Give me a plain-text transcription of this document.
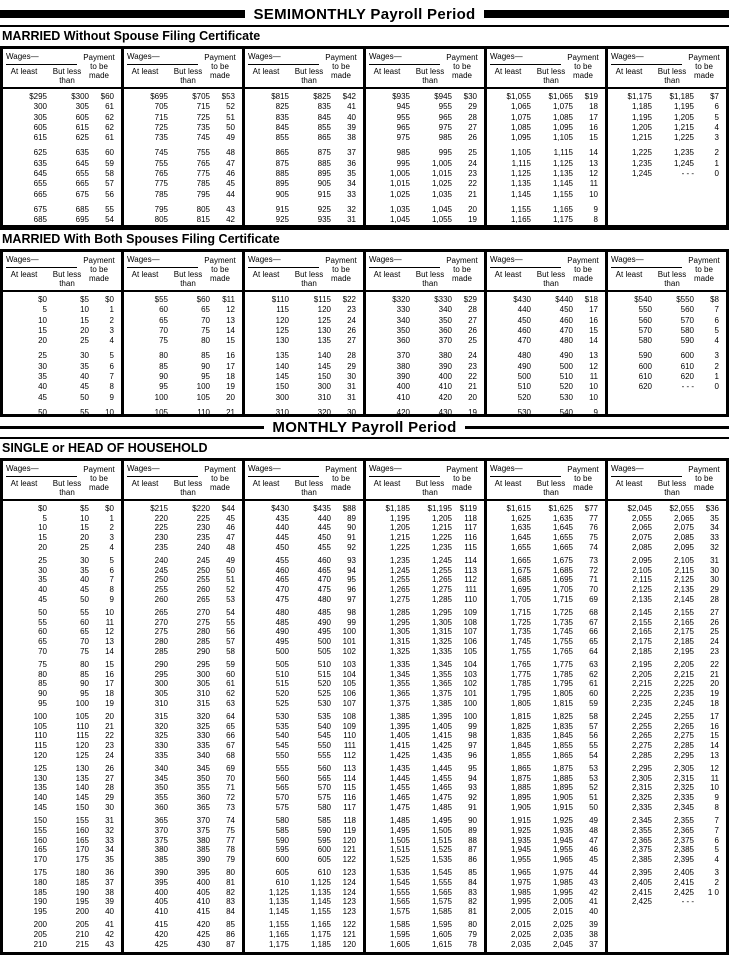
SEMIMONTHLY Payroll Period
MARRIED Without Spouse Filing Certificate
Wages—	Payment
to be
made
At least	But less
than
$295	$300	$60
300	305	61
305	605	62
605	615	62
615	625	61
625	635	60
635	645	59
645	655	58
655	665	57
665	675	56
675	685	55
685	695	54
Wages—	Payment
to be
made
At least	But less
than
$695	$705	$53
705	715	52
715	725	51
725	735	50
735	745	49
745	755	48
755	765	47
765	775	46
775	785	45
785	795	44
795	805	43
805	815	42
Wages—	Payment
to be
made
At least	But less
than
$815	$825	$42
825	835	41
835	845	40
845	855	39
855	865	38
865	875	37
875	885	36
885	895	35
895	905	34
905	915	33
915	925	32
925	935	31
Wages—	Payment
to be
made
At least	But less
than
$935	$945	$30
945	955	29
955	965	28
965	975	27
975	985	26
985	995	25
995	1,005	24
1,005	1,015	23
1,015	1,025	22
1,025	1,035	21
1,035	1,045	20
1,045	1,055	19
Wages—	Payment
to be
made
At least	But less
than
$1,055	$1,065	$19
1,065	1,075	18
1,075	1,085	17
1,085	1,095	16
1,095	1,105	15
1,105	1,115	14
1,115	1,125	13
1,125	1,135	12
1,135	1,145	11
1,145	1,155	10
1,155	1,165	9
1,165	1,175	8
Wages—	Payment
to be
made
At least	But less
than
$1,175	$1,185	$7
1,185	1,195	6
1,195	1,205	5
1,205	1,215	4
1,215	1,225	3
1,225	1,235	2
1,235	1,245	1
1,245	- - -	0
MARRIED With Both Spouses Filing Certificate
Wages—	Payment
to be
made
At least	But less
than
$0	$5	$0
5	10	1
10	15	2
15	20	3
20	25	4
25	30	5
30	35	6
35	40	7
40	45	8
45	50	9
50	55	10
Wages—	Payment
to be
made
At least	But less
than
$55	$60	$11
60	65	12
65	70	13
70	75	14
75	80	15
80	85	16
85	90	17
90	95	18
95	100	19
100	105	20
105	110	21
Wages—	Payment
to be
made
At least	But less
than
$110	$115	$22
115	120	23
120	125	24
125	130	26
130	135	27
135	140	28
140	145	29
145	150	30
150	300	31
300	310	31
310	320	30
Wages—	Payment
to be
made
At least	But less
than
$320	$330	$29
330	340	28
340	350	27
350	360	26
360	370	25
370	380	24
380	390	23
390	400	22
400	410	21
410	420	20
420	430	19
Wages—	Payment
to be
made
At least	But less
than
$430	$440	$18
440	450	17
450	460	16
460	470	15
470	480	14
480	490	13
490	500	12
500	510	11
510	520	10
520	530	10
530	540	9
Wages—	Payment
to be
made
At least	But less
than
$540	$550	$8
550	560	7
560	570	6
570	580	5
580	590	4
590	600	3
600	610	2
610	620	1
620	- - -	0
MONTHLY Payroll Period
SINGLE or HEAD OF HOUSEHOLD
Wages—	Payment
to be
made
At least	But less
than
$0	$5	$0
5	10	1
10	15	2
15	20	3
20	25	4
25	30	5
30	35	6
35	40	7
40	45	8
45	50	9
50	55	10
55	60	11
60	65	12
65	70	13
70	75	14
75	80	15
80	85	16
85	90	17
90	95	18
95	100	19
100	105	20
105	110	21
110	115	22
115	120	23
120	125	24
125	130	26
130	135	27
135	140	28
140	145	29
145	150	30
150	155	31
155	160	32
160	165	33
165	170	34
170	175	35
175	180	36
180	185	37
185	190	38
190	195	39
195	200	40
200	205	41
205	210	42
210	215	43
Wages—	Payment
to be
made
At least	But less
than
$215	$220	$44
220	225	45
225	230	46
230	235	47
235	240	48
240	245	49
245	250	50
250	255	51
255	260	52
260	265	53
265	270	54
270	275	55
275	280	56
280	285	57
285	290	58
290	295	59
295	300	60
300	305	61
305	310	62
310	315	63
315	320	64
320	325	65
325	330	66
330	335	67
335	340	68
340	345	69
345	350	70
350	355	71
355	360	72
360	365	73
365	370	74
370	375	75
375	380	77
380	385	78
385	390	79
390	395	80
395	400	81
400	405	82
405	410	83
410	415	84
415	420	85
420	425	86
425	430	87
Wages—	Payment
to be
made
At least	But less
than
$430	$435	$88
435	440	89
440	445	90
445	450	91
450	455	92
455	460	93
460	465	94
465	470	95
470	475	96
475	480	97
480	485	98
485	490	99
490	495	100
495	500	101
500	505	102
505	510	103
510	515	104
515	520	105
520	525	106
525	530	107
530	535	108
535	540	109
540	545	110
545	550	111
550	555	112
555	560	113
560	565	114
565	570	115
570	575	116
575	580	117
580	585	118
585	590	119
590	595	120
595	600	121
600	605	122
605	610	123
610	1,125	124
1,125	1,135	124
1,135	1,145	123
1,145	1,155	123
1,155	1,165	122
1,165	1,175	121
1,175	1,185	120
Wages—	Payment
to be
made
At least	But less
than
$1,185	$1,195 $119
1,195	1,205	118
1,205	1,215	117
1,215	1,225	116
1,225	1,235	115
1,235	1,245	114
1,245	1,255	113
1,255	1,265	112
1,265	1,275	111
1,275	1,285	110
1,285	1,295	109
1,295	1,305	108
1,305	1,315	107
1,315	1,325	106
1,325	1,335	105
1,335	1,345	104
1,345	1,355	103
1,355	1,365	102
1,365	1,375	101
1,375	1,385	100
1,385	1,395	100
1,395	1,405	99
1,405	1,415	98
1,415	1,425	97
1,425	1,435	96
1,435	1,445	95
1,445	1,455	94
1,455	1,465	93
1,465	1,475	92
1,475	1,485	91
1,485	1,495	90
1,495	1,505	89
1,505	1,515	88
1,515	1,525	87
1,525	1,535	86
1,535	1,545	85
1,545	1,555	84
1,555	1,565	83
1,565	1,575	82
1,575	1,585	81
1,585	1,595	80
1,595	1,605	79
1,605	1,615	78
Wages—	Payment
to be
made
At least	But less
than
$1,615	$1,625	$77
1,625	1,635	77
1,635	1,645	76
1,645	1,655	75
1,655	1,665	74
1,665	1,675	73
1,675	1,685	72
1,685	1,695	71
1,695	1,705	70
1,705	1,715	69
1,715	1,725	68
1,725	1,735	67
1,735	1,745	66
1,745	1,755	65
1,755	1,765	64
1,765	1,775	63
1,775	1,785	62
1,785	1,795	61
1,795	1,805	60
1,805	1,815	59
1,815	1,825	58
1,825	1,835	57
1,835	1,845	56
1,845	1,855	55
1,855	1,865	54
1,865	1,875	53
1,875	1,885	53
1,885	1,895	52
1,895	1,905	51
1,905	1,915	50
1,915	1,925	49
1,925	1,935	48
1,935	1,945	47
1,945	1,955	46
1,955	1,965	45
1,965	1,975	44
1,975	1,985	43
1,985	1,995	42
1,995	2,005	41
2,005	2,015	40
2,015	2,025	39
2,025	2,035	38
2,035	2,045	37
Wages—	Payment
to be
made
At least	But less
than
$2,045	$2,055	$36
2,055	2,065	35
2,065	2,075	34
2,075	2,085	33
2,085	2,095	32
2,095	2,105	31
2,105	2,115	30
2,115	2,125	30
2,125	2,135	29
2,135	2,145	28
2,145	2,155	27
2,155	2,165	26
2,165	2,175	25
2,175	2,185	24
2,185	2,195	23
2,195	2,205	22
2,205	2,215	21
2,215	2,225	20
2,225	2,235	19
2,235	2,245	18
2,245	2,255	17
2,255	2,265	16
2,265	2,275	15
2,275	2,285	14
2,285	2,295	13
2,295	2,305	12
2,305	2,315	11
2,315	2,325	10
2,325	2,335	9
2,335	2,345	8
2,345	2,355	7
2,355	2,365	7
2,365	2,375	6
2,375	2,385	5
2,385	2,395	4
2,395	2,405	3
2,405	2,415	2
2,415	2,425	1 0
2,425	- - -
